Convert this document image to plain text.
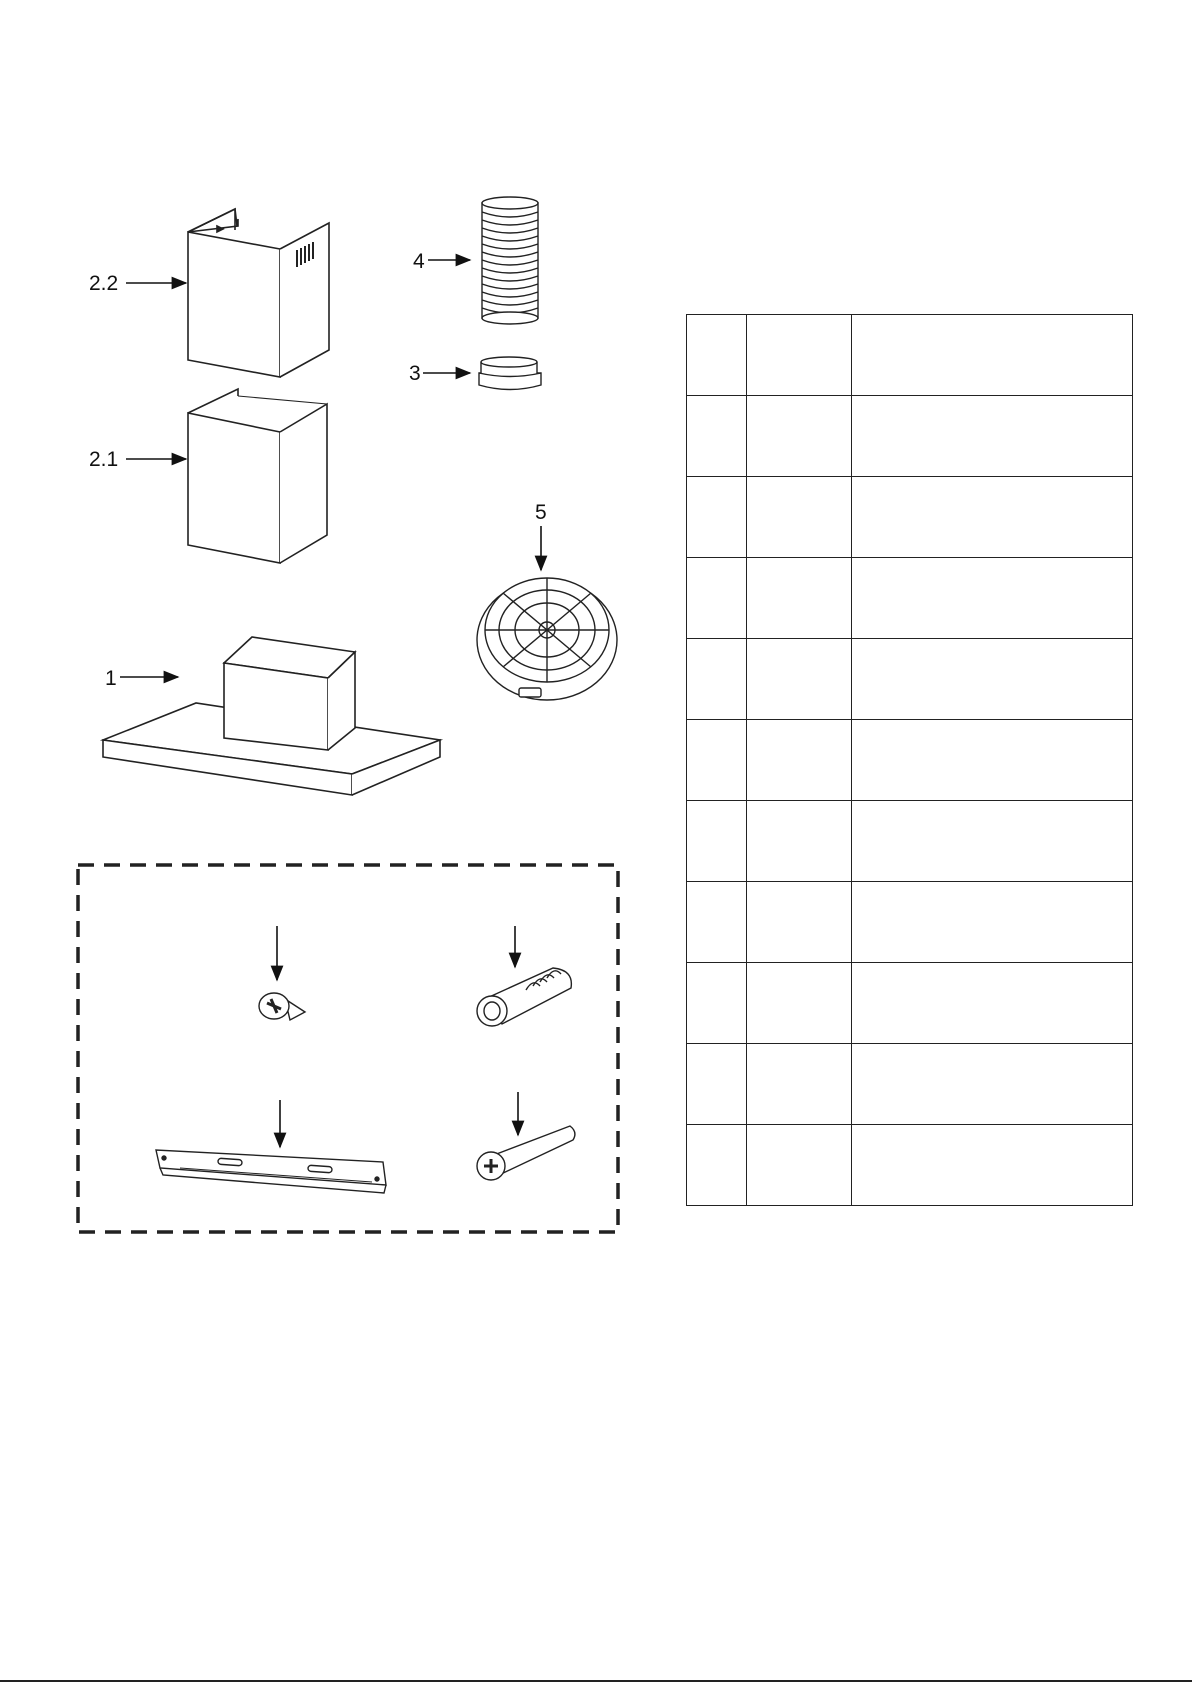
2.2
2.1
1
4
3
5
